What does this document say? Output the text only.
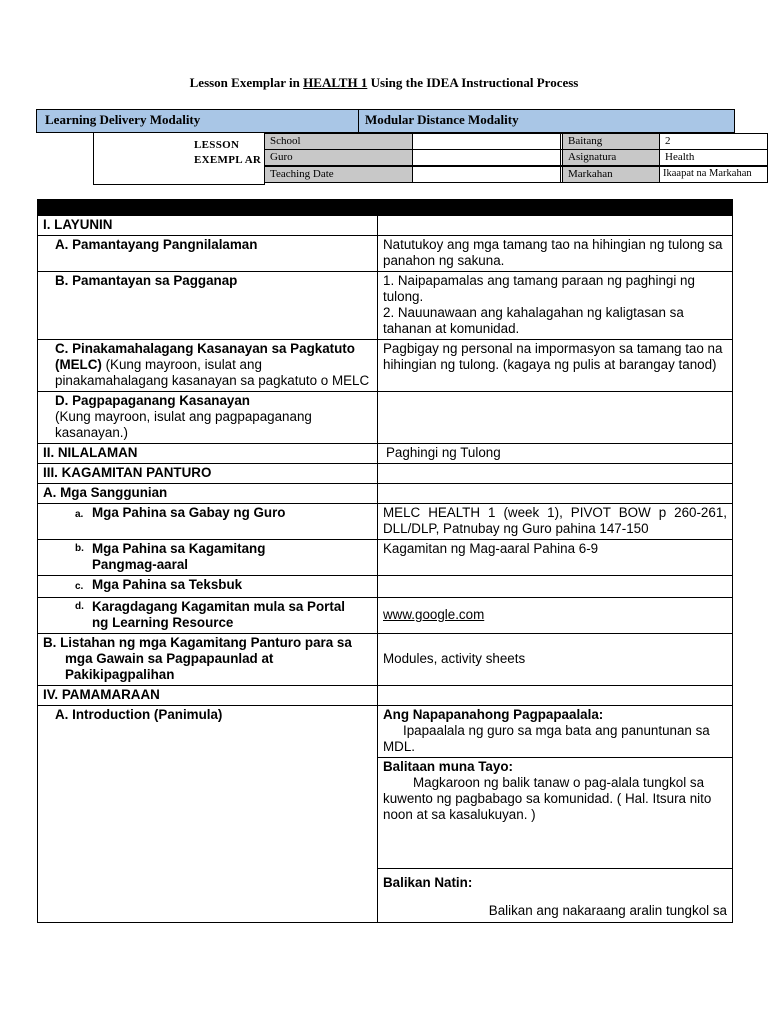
Lesson Exemplar in HEALTH 1 Using the IDEA Instructional Process
Learning Delivery Modality	Modular Distance Modality
LESSON EXEMPL AR
School
Guro
Teaching Date
Baitang	2
Asignatura	Health
Markahan	Ikaapat na Markahan

I. LAYUNIN	
A. Pamantayang Pangnilalaman	Natutukoy ang mga tamang tao na hihingian ng tulong sa panahon ng sakuna.
B. Pamantayan sa Pagganap	1. Naipapamalas ang tamang paraan ng paghingi ng tulong.
2. Nauunawaan ang kahalagahan ng kaligtasan sa tahanan at komunidad.

C. Pinakamahalagang Kasanayan sa Pagkatuto (MELC) (Kung mayroon, isulat ang pinakamahalagang kasanayan sa pagkatuto o MELC	Pagbigay ng personal na impormasyon sa tamang tao na hihingian ng tulong. (kagaya ng pulis at barangay tanod)

D. Pagpapaganang Kasanayan
(Kung mayroon, isulat ang pagpapaganang kasanayan.)	

II. NILALAMAN	Paghingi ng Tulong
III. KAGAMITAN PANTURO	
A. Mga Sanggunian	
a. Mga Pahina sa Gabay ng Guro	MELC HEALTH 1 (week 1), PIVOT BOW p 260-261, DLL/DLP, Patnubay ng Guro pahina 147-150

b. Mga Pahina sa Kagamitang Pangmag-aaral	Kagamitan ng Mag-aaral Pahina 6-9
c. Mga Pahina sa Teksbuk	

d. Karagdagang Kagamitan mula sa Portal ng Learning Resource	www.google.com

B. Listahan ng mga Kagamitang Panturo para sa mga Gawain sa Pagpapaunlad at Pakikipagpalihan	Modules, activity sheets
IV. PAMAMARAAN	
A. Introduction (Panimula)	Ang Napapanahong Pagpapaalala:
Ipapaalala ng guro sa mga bata ang panuntunan sa MDL.

	Balitaan muna Tayo:
Magkaroon ng balik tanaw o pag-alala tungkol sa kuwento ng pagbabago sa komunidad. ( Hal. Itsura nito noon at sa kasalukuyan. )

	Balikan Natin:
Balikan ang nakaraang aralin tungkol sa
